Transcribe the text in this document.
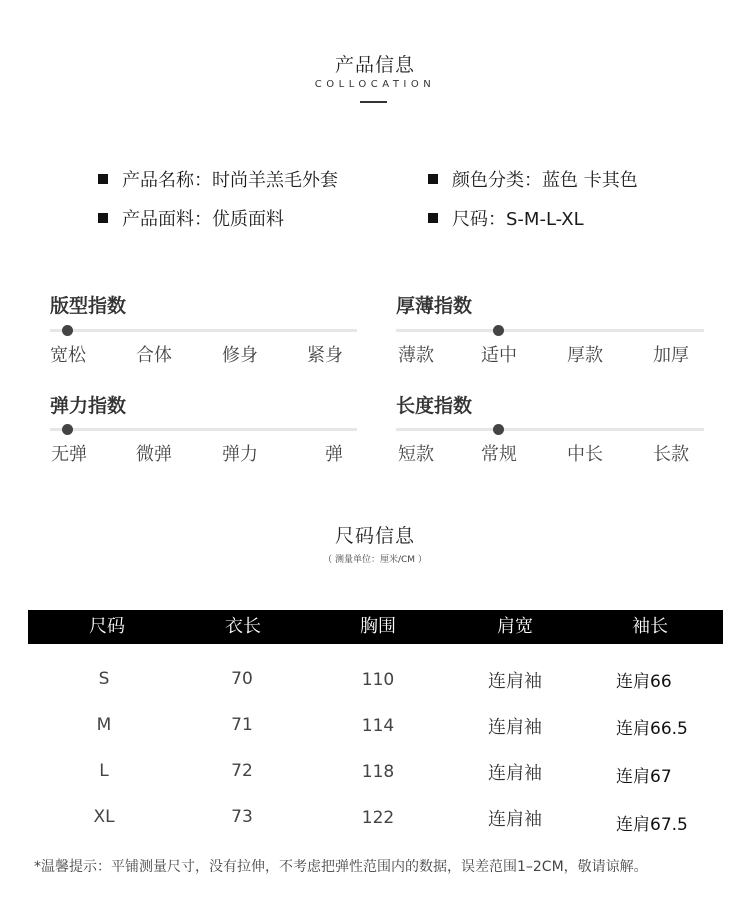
产品信息
COLLOCATION
产品名称：时尚羊羔毛外套	颜色分类：蓝色 卡其色
产品面料：优质面料	尺码：S-M-L-XL
版型指数
宽松	合体	修身	紧身
厚薄指数
薄款	适中	厚款	加厚
弹力指数
无弹	微弹	弹力	弹
长度指数
短款	常规	中长	长款
尺码信息
（ 测量单位：厘米/CM ）
尺码	衣长	胸围	肩宽	袖长
S	70	110	连肩袖	连肩66
M	71	114	连肩袖	连肩66.5
L	72	118	连肩袖	连肩67
XL	73	122	连肩袖	连肩67.5
*温馨提示：平铺测量尺寸，没有拉伸，不考虑把弹性范围内的数据，误差范围1–2CM，敬请谅解。
